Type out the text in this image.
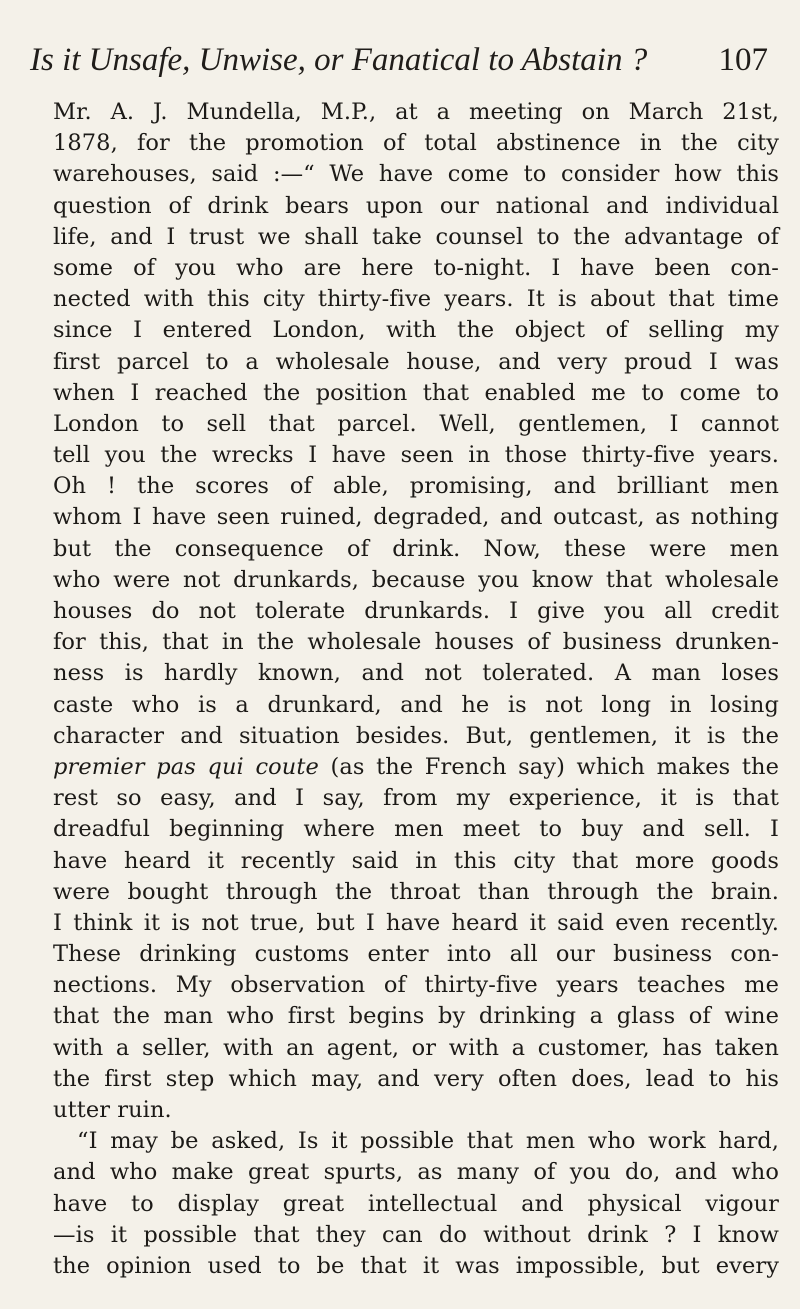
Is it Unsafe, Unwise, or Fanatical to Abstain ?	107
Mr. A. J. Mundella, M.P., at a meeting on March 21st,
1878, for the promotion of total abstinence in the city
warehouses, said :—“ We have come to consider how this
question of drink bears upon our national and individual
life, and I trust we shall take counsel to the advantage of
some of you who are here to-night. I have been con-
nected with this city thirty-five years. It is about that time
since I entered London, with the object of selling my
first parcel to a wholesale house, and very proud I was
when I reached the position that enabled me to come to
London to sell that parcel. Well, gentlemen, I cannot
tell you the wrecks I have seen in those thirty-five years.
Oh ! the scores of able, promising, and brilliant men
whom I have seen ruined, degraded, and outcast, as nothing
but the consequence of drink. Now, these were men
who were not drunkards, because you know that wholesale
houses do not tolerate drunkards. I give you all credit
for this, that in the wholesale houses of business drunken-
ness is hardly known, and not tolerated. A man loses
caste who is a drunkard, and he is not long in losing
character and situation besides. But, gentlemen, it is the
premier pas qui coute (as the French say) which makes the
rest so easy, and I say, from my experience, it is that
dreadful beginning where men meet to buy and sell. I
have heard it recently said in this city that more goods
were bought through the throat than through the brain.
I think it is not true, but I have heard it said even recently.
These drinking customs enter into all our business con-
nections. My observation of thirty-five years teaches me
that the man who first begins by drinking a glass of wine
with a seller, with an agent, or with a customer, has taken
the first step which may, and very often does, lead to his
utter ruin.
“I may be asked, Is it possible that men who work hard,
and who make great spurts, as many of you do, and who
have to display great intellectual and physical vigour
—is it possible that they can do without drink ? I know
the opinion used to be that it was impossible, but every
